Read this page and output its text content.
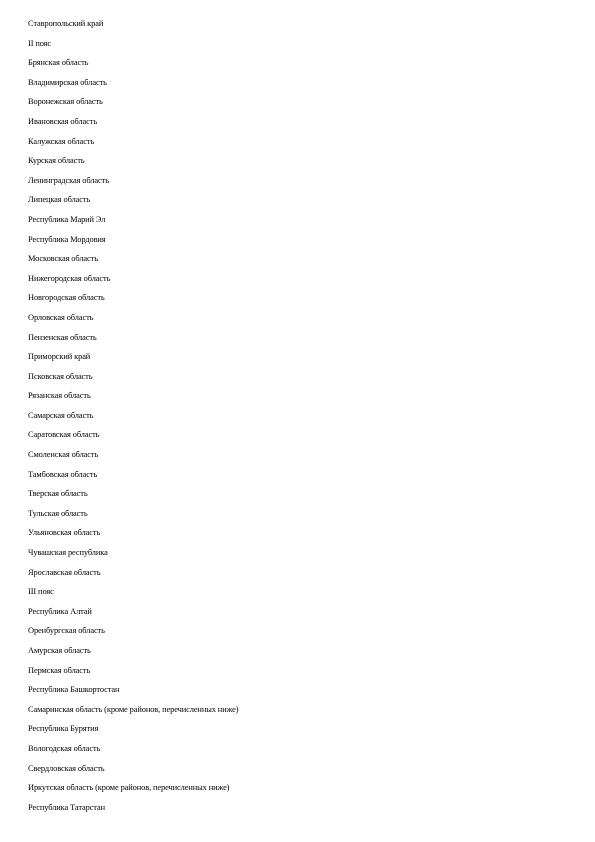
Ставропольский край
II пояс
Брянская область
Владимирская область
Воронежская область
Ивановская область
Калужская область
Курская область
Ленинградская область
Липецкая область
Республика Марий Эл
Республика Мордовия
Московская область
Нижегородская область
Новгородская область
Орловская область
Пензенская область
Приморский край
Псковская область
Рязанская область
Самарская область
Саратовская область
Смоленская область
Тамбовская область
Тверская область
Тульская область
Ульяновская область
Чувашская республика
Ярославская область
III пояс
Республика Алтай
Оренбургская область
Амурская область
Пермская область
Республика Башкортостан
Самаринская область (кроме районов, перечисленных ниже)
Республика Бурятия
Вологодская область
Свердловская область
Иркутская область (кроме районов, перечисленных ниже)
Республика Татарстан
